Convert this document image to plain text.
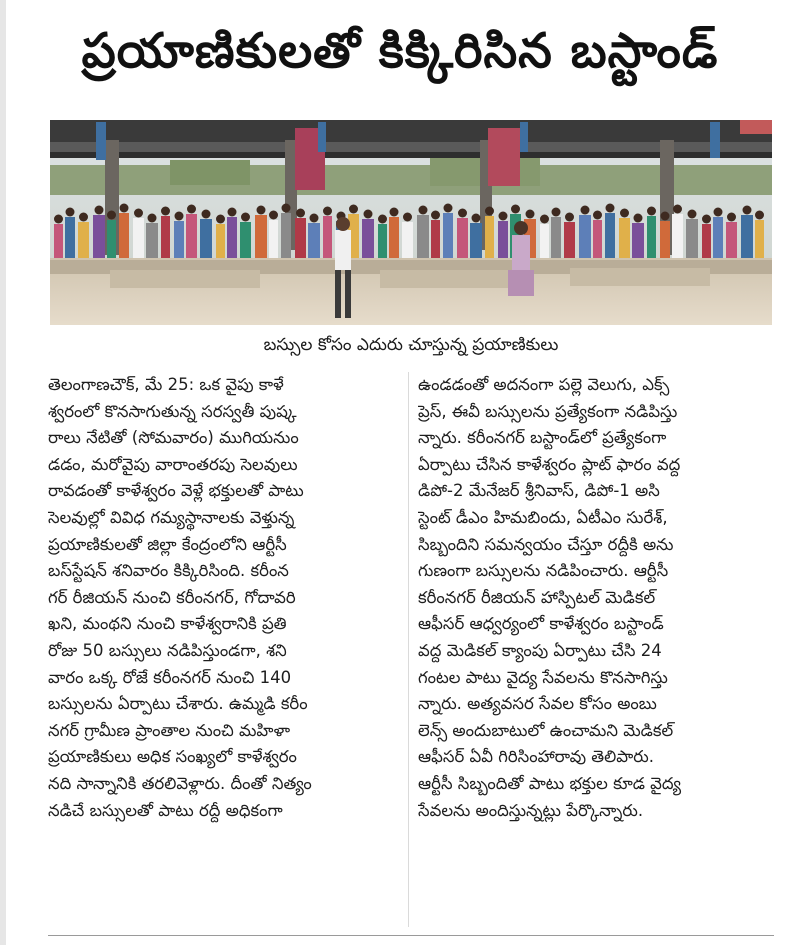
ప్రయాణికులతో కిక్కిరిసిన బస్టాండ్
బస్సుల కోసం ఎదురు చూస్తున్న ప్రయాణికులు
తెలంగాణచౌక్, మే 25: ఒక వైపు కాళే
శ్వరంలో కొనసాగుతున్న సరస్వతీ పుష్క
రాలు నేటితో (సోమవారం) ముగియనుం
డడం, మరోవైపు వారాంతరపు సెలవులు
రావడంతో కాళేశ్వరం వెళ్లే భక్తులతో పాటు
సెలవుల్లో వివిధ గమ్యస్థానాలకు వెళ్తున్న
ప్రయాణికులతో జిల్లా కేంద్రంలోని ఆర్టీసీ
బస్‌స్టేషన్ శనివారం కిక్కిరిసింది. కరీంన
గర్ రీజియన్ నుంచి కరీంనగర్, గోదావరి
ఖని, మంథని నుంచి కాళేశ్వరానికి ప్రతి
రోజు 50 బస్సులు నడిపిస్తుండగా, శని
వారం ఒక్క రోజే కరీంనగర్ నుంచి 140
బస్సులను ఏర్పాటు చేశారు. ఉమ్మడి కరీం
నగర్ గ్రామీణ ప్రాంతాల నుంచి మహిళా
ప్రయాణికులు అధిక సంఖ్యలో కాళేశ్వరం
నది సాన్నానికి తరలివెళ్లారు. దీంతో నిత్యం
నడిచే బస్సులతో పాటు రద్దీ అధికంగా
ఉండడంతో అదనంగా పల్లె వెలుగు, ఎక్స్
ప్రెస్, ఈవీ బస్సులను ప్రత్యేకంగా నడిపిస్తు
న్నారు. కరీంనగర్ బస్టాండ్‌లో ప్రత్యేకంగా
ఏర్పాటు చేసిన కాళేశ్వరం ప్లాట్ ఫారం వద్ద
డిపో-2 మేనేజర్ శ్రీనివాస్, డిపో-1 అసి
స్టెంట్ డీఎం హిమబిందు, ఏటీఎం సురేశ్,
సిబ్బందిని సమన్వయం చేస్తూ రద్దీకి అను
గుణంగా బస్సులను నడిపించారు. ఆర్టీసీ
కరీంనగర్ రీజియన్ హాస్పిటల్ మెడికల్
ఆఫీసర్ ఆధ్వర్యంలో కాళేశ్వరం బస్టాండ్
వద్ద మెడికల్ క్యాంపు ఏర్పాటు చేసి 24
గంటల పాటు వైద్య సేవలను కొనసాగిస్తు
న్నారు. అత్యవసర సేవల కోసం అంబు
లెన్స్ అందుబాటులో ఉంచామని మెడికల్
ఆఫీసర్ ఏవీ గిరిసింహారావు తెలిపారు.
ఆర్టీసీ సిబ్బందితో పాటు భక్తుల కూడ వైద్య
సేవలను అందిస్తున్నట్లు పేర్కొన్నారు.
